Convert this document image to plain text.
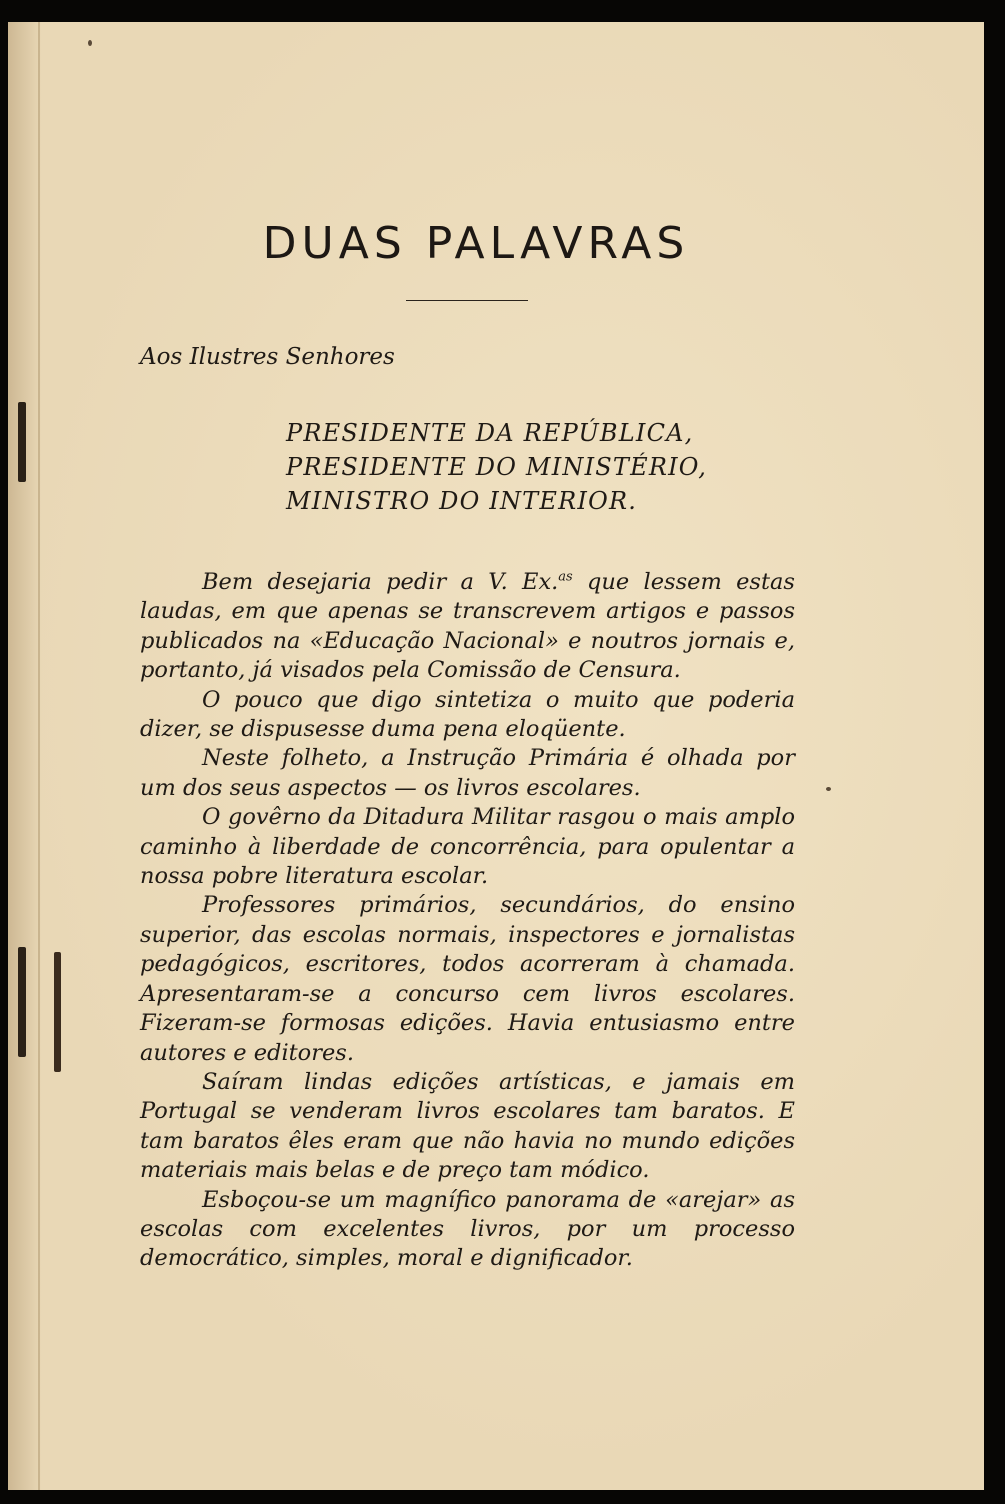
DUAS PALAVRAS
Aos Ilustres Senhores
PRESIDENTE DA REPÚBLICA,
PRESIDENTE DO MINISTÉRIO,
MINISTRO DO INTERIOR.

Bem desejaria pedir a V. Ex.$^{as}$ que lessem estas laudas, em que apenas se transcrevem artigos e passos publicados na «Educação Nacional» e noutros jornais e, portanto, já visados pela Comissão de Censura.

O pouco que digo sintetiza o muito que poderia dizer, se dispusesse duma pena eloqüente.

Neste folheto, a Instrução Primária é olhada por um dos seus aspectos — os livros escolares.

O govêrno da Ditadura Militar rasgou o mais amplo caminho à liberdade de concorrência, para opulentar a nossa pobre literatura escolar.

Professores primários, secundários, do ensino superior, das escolas normais, inspectores e jornalistas pedagógicos, escritores, todos acorreram à chamada. Apresentaram-se a concurso cem livros escolares. Fizeram-se formosas edições. Havia entusiasmo entre autores e editores.

Saíram lindas edições artísticas, e jamais em Portugal se venderam livros escolares tam baratos. E tam baratos êles eram que não havia no mundo edições materiais mais belas e de preço tam módico.

Esboçou-se um magnífico panorama de «arejar» as escolas com excelentes livros, por um processo democrático, simples, moral e dignificador.
